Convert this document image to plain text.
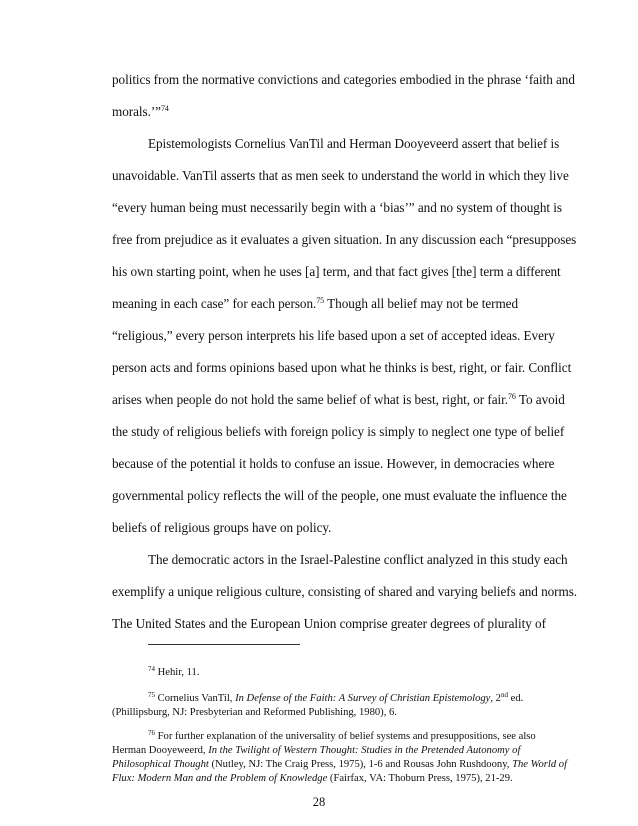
politics from the normative convictions and categories embodied in the phrase ‘faith and
morals.’”$^{74}$
Epistemologists Cornelius VanTil and Herman Dooyeveerd assert that belief is
unavoidable. VanTil asserts that as men seek to understand the world in which they live
“every human being must necessarily begin with a ‘bias’” and no system of thought is
free from prejudice as it evaluates a given situation. In any discussion each “presupposes
his own starting point, when he uses [a] term, and that fact gives [the] term a different
meaning in each case” for each person.$^{75}$ Though all belief may not be termed
“religious,” every person interprets his life based upon a set of accepted ideas. Every
person acts and forms opinions based upon what he thinks is best, right, or fair. Conflict
arises when people do not hold the same belief of what is best, right, or fair.$^{76}$ To avoid
the study of religious beliefs with foreign policy is simply to neglect one type of belief
because of the potential it holds to confuse an issue. However, in democracies where
governmental policy reflects the will of the people, one must evaluate the influence the
beliefs of religious groups have on policy.
The democratic actors in the Israel-Palestine conflict analyzed in this study each
exemplify a unique religious culture, consisting of shared and varying beliefs and norms.
The United States and the European Union comprise greater degrees of plurality of
$^{74}$ Hehir, 11.
$^{75}$ Cornelius VanTil, In Defense of the Faith: A Survey of Christian Epistemology, 2nd ed.
(Phillipsburg, NJ: Presbyterian and Reformed Publishing, 1980), 6.
$^{76}$ For further explanation of the universality of belief systems and presuppositions, see also
Herman Dooyeweerd, In the Twilight of Western Thought: Studies in the Pretended Autonomy of
Philosophical Thought (Nutley, NJ: The Craig Press, 1975), 1-6 and Rousas John Rushdoony, The World of
Flux: Modern Man and the Problem of Knowledge (Fairfax, VA: Thoburn Press, 1975), 21-29.
28
